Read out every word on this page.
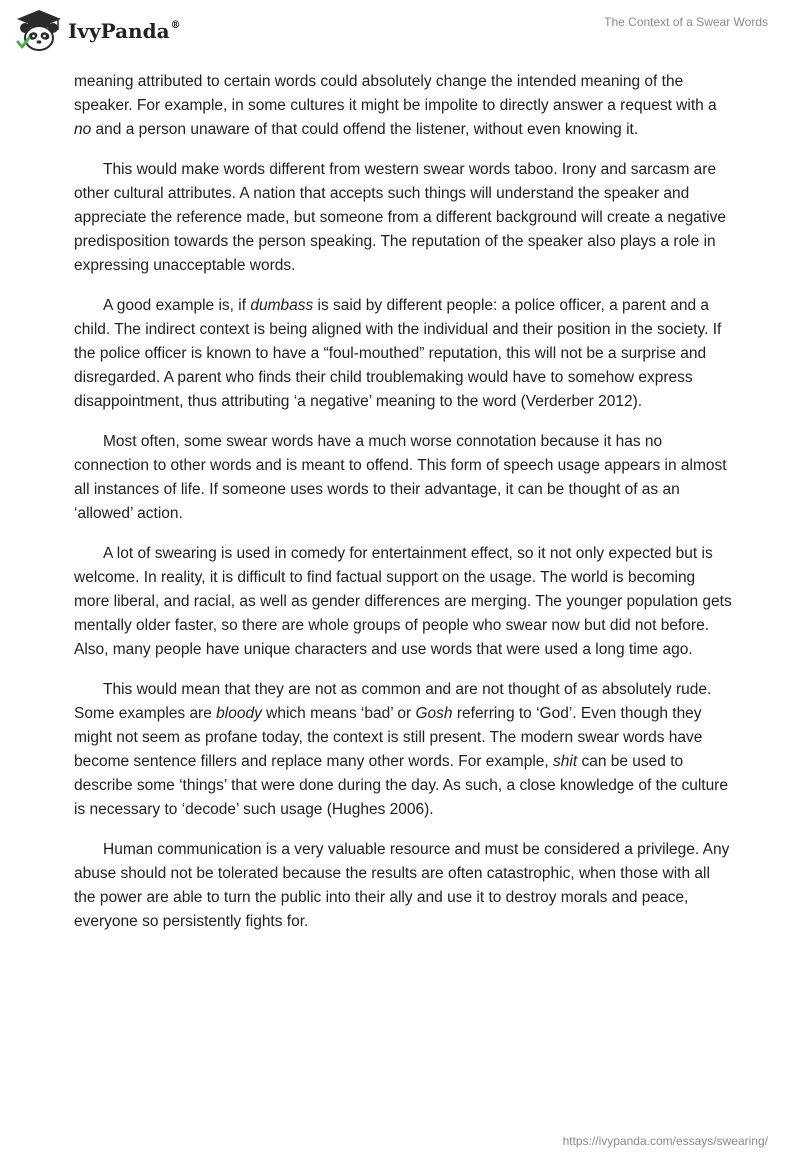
IvyPanda®	The Context of a Swear Words

meaning attributed to certain words could absolutely change the intended meaning of the speaker. For example, in some cultures it might be impolite to directly answer a request with a no and a person unaware of that could offend the listener, without even knowing it.

This would make words different from western swear words taboo. Irony and sarcasm are other cultural attributes. A nation that accepts such things will understand the speaker and appreciate the reference made, but someone from a different background will create a negative predisposition towards the person speaking. The reputation of the speaker also plays a role in expressing unacceptable words.

A good example is, if dumbass is said by different people: a police officer, a parent and a child. The indirect context is being aligned with the individual and their position in the society. If the police officer is known to have a “foul-mouthed” reputation, this will not be a surprise and disregarded. A parent who finds their child troublemaking would have to somehow express disappointment, thus attributing ‘a negative’ meaning to the word (Verderber 2012).

Most often, some swear words have a much worse connotation because it has no connection to other words and is meant to offend. This form of speech usage appears in almost all instances of life. If someone uses words to their advantage, it can be thought of as an ‘allowed’ action.

A lot of swearing is used in comedy for entertainment effect, so it not only expected but is welcome. In reality, it is difficult to find factual support on the usage. The world is becoming more liberal, and racial, as well as gender differences are merging. The younger population gets mentally older faster, so there are whole groups of people who swear now but did not before. Also, many people have unique characters and use words that were used a long time ago.

This would mean that they are not as common and are not thought of as absolutely rude. Some examples are bloody which means ‘bad’ or Gosh referring to ‘God’. Even though they might not seem as profane today, the context is still present. The modern swear words have become sentence fillers and replace many other words. For example, shit can be used to describe some ‘things’ that were done during the day. As such, a close knowledge of the culture is necessary to ‘decode’ such usage (Hughes 2006).

Human communication is a very valuable resource and must be considered a privilege. Any abuse should not be tolerated because the results are often catastrophic, when those with all the power are able to turn the public into their ally and use it to destroy morals and peace, everyone so persistently fights for.

https://ivypanda.com/essays/swearing/
